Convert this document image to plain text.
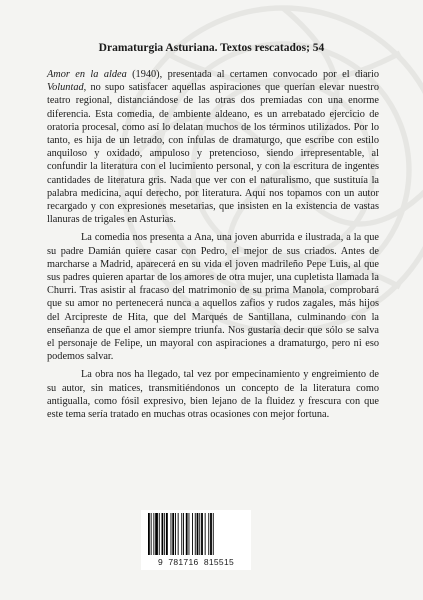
Dramaturgia Asturiana. Textos rescatados; 54

Amor en la aldea (1940), presentada al certamen convocado por el diario Voluntad, no supo satisfacer aquellas aspiraciones que querían elevar nuestro teatro regional, distanciándose de las otras dos premiadas con una enorme diferencia. Esta comedia, de ambiente aldeano, es un arrebatado ejercicio de oratoria procesal, como así lo delatan muchos de los términos utilizados. Por lo tanto, es hija de un letrado, con ínfulas de dramaturgo, que escribe con estilo anquiloso y oxidado, ampuloso y pretencioso, siendo irrepresentable, al confundir la literatura con el lucimiento personal, y con la escritura de ingentes cantidades de literatura gris. Nada que ver con el naturalismo, que sustituía la palabra medicina, aquí derecho, por literatura. Aquí nos topamos con un autor recargado y con expresiones mesetarias, que insisten en la existencia de vastas llanuras de trigales en Asturias.

La comedia nos presenta a Ana, una joven aburrida e ilustrada, a la que su padre Damián quiere casar con Pedro, el mejor de sus criados. Antes de marcharse a Madrid, aparecerá en su vida el joven madrileño Pepe Luis, al que sus padres quieren apartar de los amores de otra mujer, una cupletista llamada la Churri. Tras asistir al fracaso del matrimonio de su prima Manola, comprobará que su amor no pertenecerá nunca a aquellos zafios y rudos zagales, más hijos del Arcipreste de Hita, que del Marqués de Santillana, culminando con la enseñanza de que el amor siempre triunfa. Nos gustaría decir que sólo se salva el personaje de Felipe, un mayoral con aspiraciones a dramaturgo, pero ni eso podemos salvar.

La obra nos ha llegado, tal vez por empecinamiento y engreimiento de su autor, sin matices, transmitiéndonos un concepto de la literatura como antigualla, como fósil expresivo, bien lejano de la fluidez y frescura con que este tema sería tratado en muchas otras ocasiones con mejor fortuna.

9 781716 815515
